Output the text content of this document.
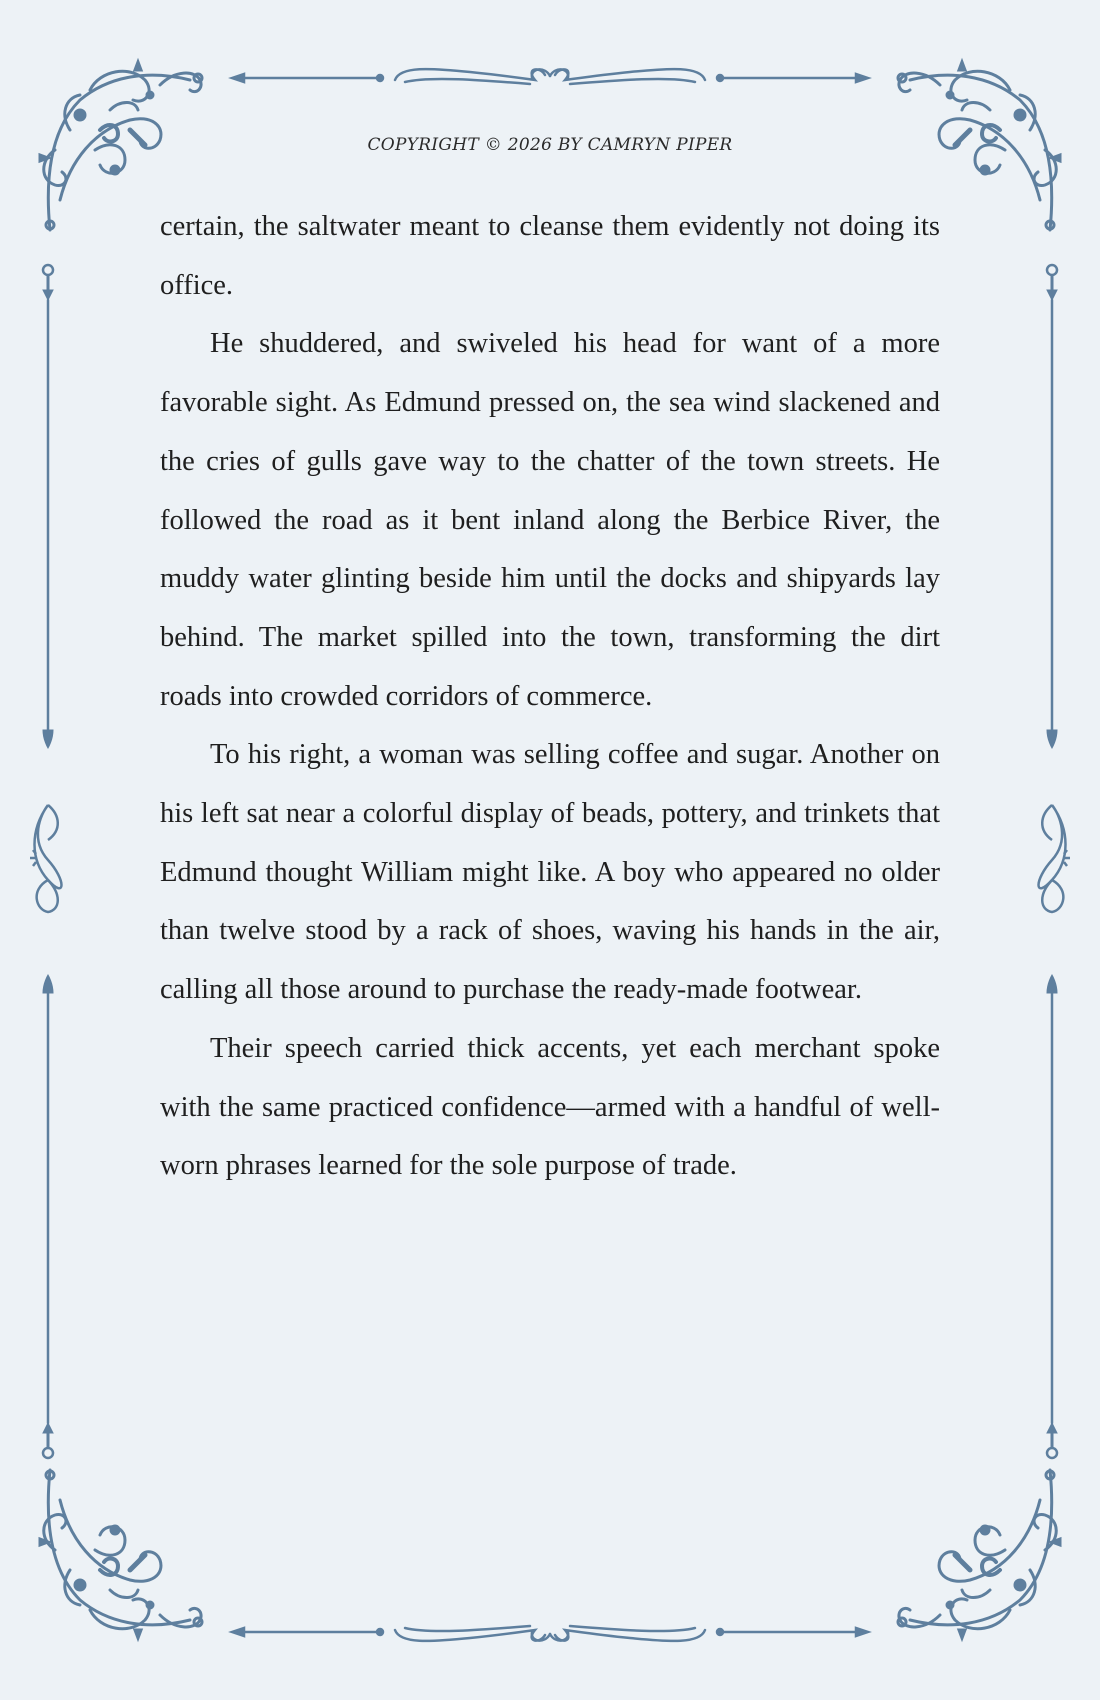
COPYRIGHT © 2026 BY CAMRYN PIPER

certain, the saltwater meant to cleanse them evidently not doing its office.

He shuddered, and swiveled his head for want of a more favorable sight. As Edmund pressed on, the sea wind slackened and the cries of gulls gave way to the chatter of the town streets. He followed the road as it bent inland along the Berbice River, the muddy water glinting beside him until the docks and shipyards lay behind. The market spilled into the town, transforming the dirt roads into crowded corridors of commerce.

To his right, a woman was selling coffee and sugar. Another on his left sat near a colorful display of beads, pottery, and trinkets that Edmund thought William might like. A boy who appeared no older than twelve stood by a rack of shoes, waving his hands in the air, calling all those around to purchase the ready-made footwear.

Their speech carried thick accents, yet each merchant spoke with the same practiced confidence—armed with a handful of well-worn phrases learned for the sole purpose of trade.
